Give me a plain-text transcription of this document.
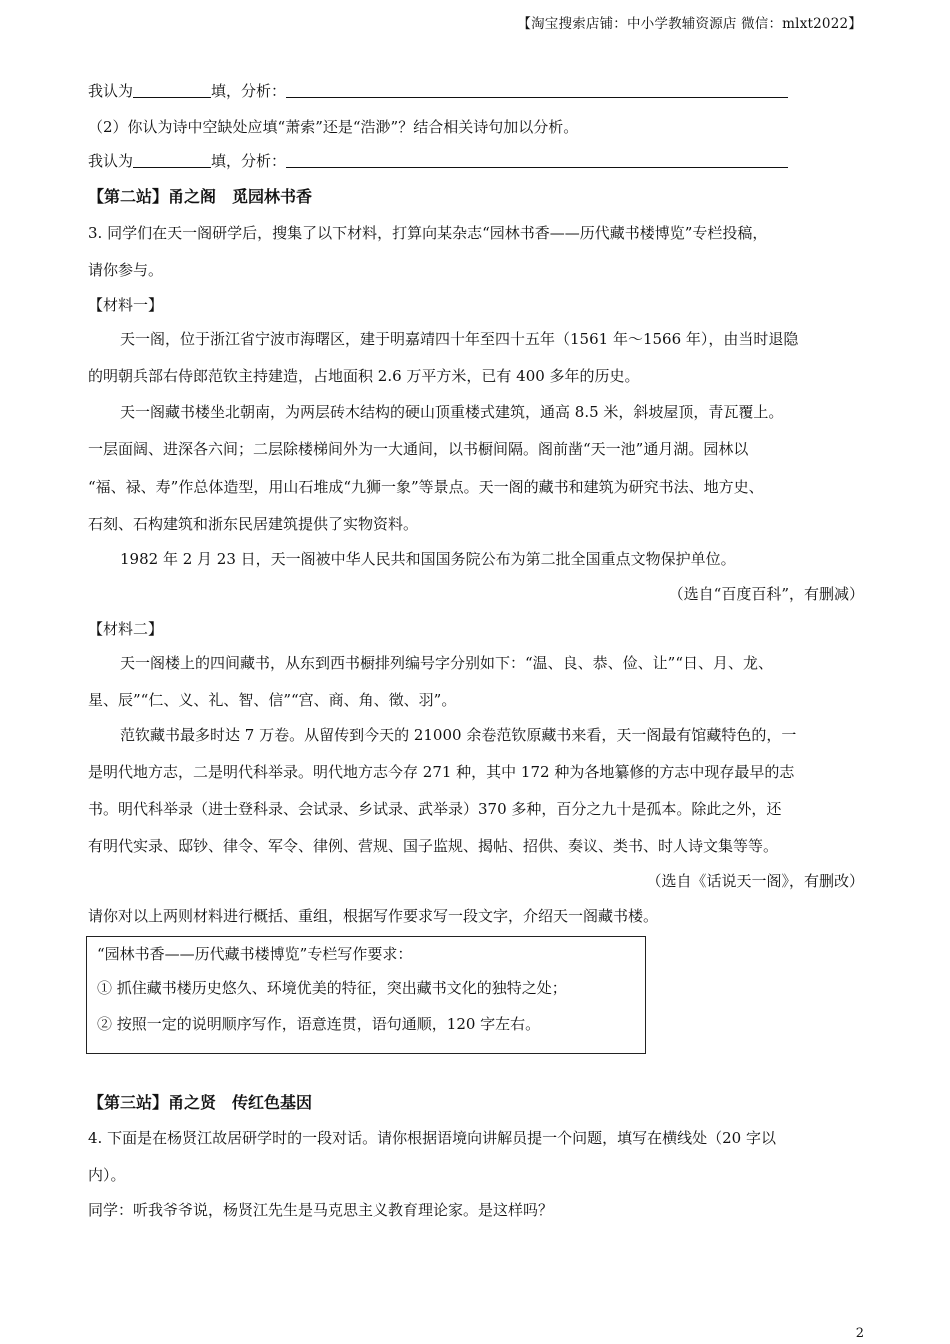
【淘宝搜索店铺：中小学教辅资源店 微信：mlxt2022】
我认为	填，分析：
（2）你认为诗中空缺处应填“萧索”还是“浩渺”？结合相关诗句加以分析。
我认为	填，分析：
【第二站】甬之阁　觅园林书香
3. 同学们在天一阁研学后，搜集了以下材料，打算向某杂志“园林书香——历代藏书楼博览”专栏投稿，
请你参与。
【材料一】
天一阁，位于浙江省宁波市海曙区，建于明嘉靖四十年至四十五年（1561 年～1566 年），由当时退隐
的明朝兵部右侍郎范钦主持建造，占地面积 2.6 万平方米，已有 400 多年的历史。
天一阁藏书楼坐北朝南，为两层砖木结构的硬山顶重楼式建筑，通高 8.5 米，斜坡屋顶，青瓦覆上。
一层面阔、进深各六间；二层除楼梯间外为一大通间，以书橱间隔。阁前凿“天一池”通月湖。园林以
“福、禄、寿”作总体造型，用山石堆成“九狮一象”等景点。天一阁的藏书和建筑为研究书法、地方史、
石刻、石构建筑和浙东民居建筑提供了实物资料。
1982 年 2 月 23 日，天一阁被中华人民共和国国务院公布为第二批全国重点文物保护单位。
（选自“百度百科”，有删减）
【材料二】
天一阁楼上的四间藏书，从东到西书橱排列编号字分别如下：“温、良、恭、俭、让”“日、月、龙、
星、辰”“仁、义、礼、智、信”“宫、商、角、徵、羽”。
范钦藏书最多时达 7 万卷。从留传到今天的 21000 余卷范钦原藏书来看，天一阁最有馆藏特色的，一
是明代地方志，二是明代科举录。明代地方志今存 271 种，其中 172 种为各地纂修的方志中现存最早的志
书。明代科举录（进士登科录、会试录、乡试录、武举录）370 多种，百分之九十是孤本。除此之外，还
有明代实录、邸钞、律令、军令、律例、营规、国子监规、揭帖、招供、奏议、类书、时人诗文集等等。
（选自《话说天一阁》，有删改）
请你对以上两则材料进行概括、重组，根据写作要求写一段文字，介绍天一阁藏书楼。
“园林书香——历代藏书楼博览”专栏写作要求：
① 抓住藏书楼历史悠久、环境优美的特征，突出藏书文化的独特之处；
② 按照一定的说明顺序写作，语意连贯，语句通顺，120 字左右。
【第三站】甬之贤　传红色基因
4. 下面是在杨贤江故居研学时的一段对话。请你根据语境向讲解员提一个问题，填写在横线处（20 字以
内）。
同学：听我爷爷说，杨贤江先生是马克思主义教育理论家。是这样吗？
2
